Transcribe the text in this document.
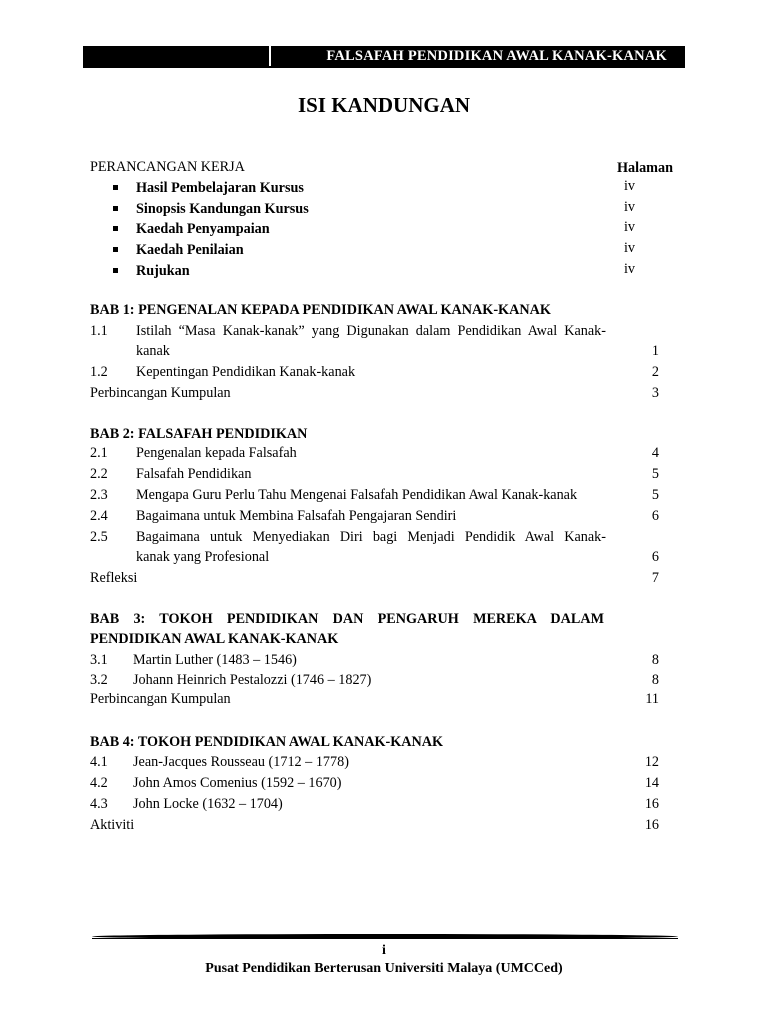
FALSAFAH PENDIDIKAN AWAL KANAK-KANAK
ISI KANDUNGAN
Halaman
PERANCANGAN KERJA
Hasil Pembelajaran Kursus	iv
Sinopsis Kandungan Kursus	iv
Kaedah Penyampaian	iv
Kaedah Penilaian	iv
Rujukan	iv
BAB 1: PENGENALAN KEPADA PENDIDIKAN AWAL KANAK-KANAK
1.1 Istilah “Masa Kanak-kanak” yang Digunakan dalam Pendidikan Awal Kanak-
kanak	1
1.2 Kepentingan Pendidikan Kanak-kanak	2
Perbincangan Kumpulan	3
BAB 2: FALSAFAH PENDIDIKAN
2.1 Pengenalan kepada Falsafah	4
2.2 Falsafah Pendidikan	5
2.3 Mengapa Guru Perlu Tahu Mengenai Falsafah Pendidikan Awal Kanak-kanak	5
2.4 Bagaimana untuk Membina Falsafah Pengajaran Sendiri	6
2.5 Bagaimana untuk Menyediakan Diri bagi Menjadi Pendidik Awal Kanak-
kanak yang Profesional	6
Refleksi	7
BAB 3: TOKOH PENDIDIKAN DAN PENGARUH MEREKA DALAM
PENDIDIKAN AWAL KANAK-KANAK
3.1 Martin Luther (1483 – 1546)	8
3.2 Johann Heinrich Pestalozzi (1746 – 1827)	8
Perbincangan Kumpulan	11
BAB 4: TOKOH PENDIDIKAN AWAL KANAK-KANAK
4.1 Jean-Jacques Rousseau (1712 – 1778)	12
4.2 John Amos Comenius (1592 – 1670)	14
4.3 John Locke (1632 – 1704)	16
Aktiviti	16
i
Pusat Pendidikan Berterusan Universiti Malaya (UMCCed)
